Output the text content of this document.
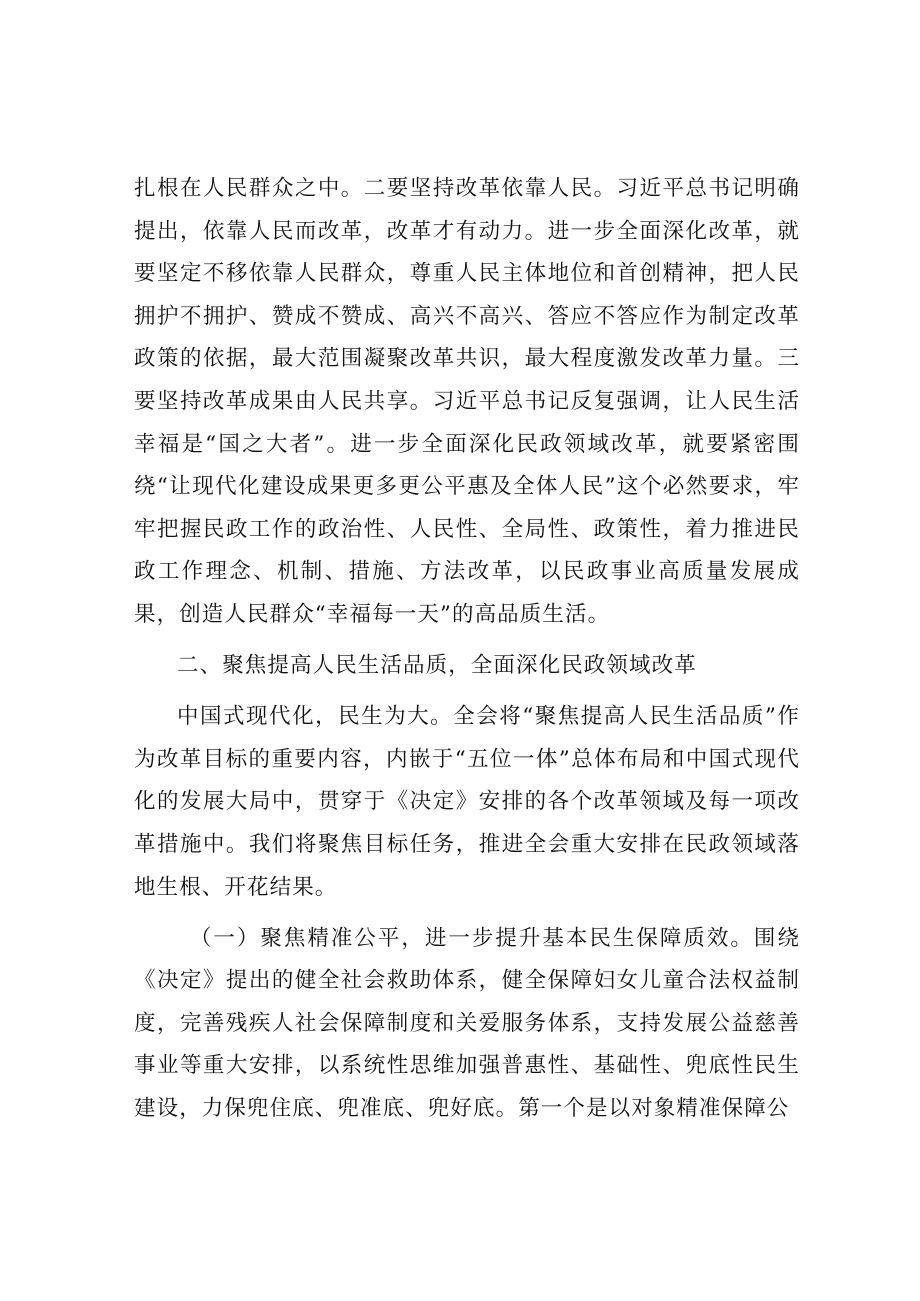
扎根在人民群众之中。二要坚持改革依靠人民。习近平总书记明确提出，依靠人民而改革，改革才有动力。进一步全面深化改革，就要坚定不移依靠人民群众，尊重人民主体地位和首创精神，把人民拥护不拥护、赞成不赞成、高兴不高兴、答应不答应作为制定改革政策的依据，最大范围凝聚改革共识，最大程度激发改革力量。三要坚持改革成果由人民共享。习近平总书记反复强调，让人民生活幸福是“国之大者”。进一步全面深化民政领域改革，就要紧密围绕“让现代化建设成果更多更公平惠及全体人民”这个必然要求，牢牢把握民政工作的政治性、人民性、全局性、政策性，着力推进民政工作理念、机制、措施、方法改革，以民政事业高质量发展成果，创造人民群众“幸福每一天”的高品质生活。

二、聚焦提高人民生活品质，全面深化民政领域改革

中国式现代化，民生为大。全会将“聚焦提高人民生活品质”作为改革目标的重要内容，内嵌于“五位一体”总体布局和中国式现代化的发展大局中，贯穿于《决定》安排的各个改革领域及每一项改革措施中。我们将聚焦目标任务，推进全会重大安排在民政领域落地生根、开花结果。

（一）聚焦精准公平，进一步提升基本民生保障质效。围绕《决定》提出的健全社会救助体系，健全保障妇女儿童合法权益制度，完善残疾人社会保障制度和关爱服务体系，支持发展公益慈善事业等重大安排，以系统性思维加强普惠性、基础性、兜底性民生建设，力保兜住底、兜准底、兜好底。第一个是以对象精准保障公
